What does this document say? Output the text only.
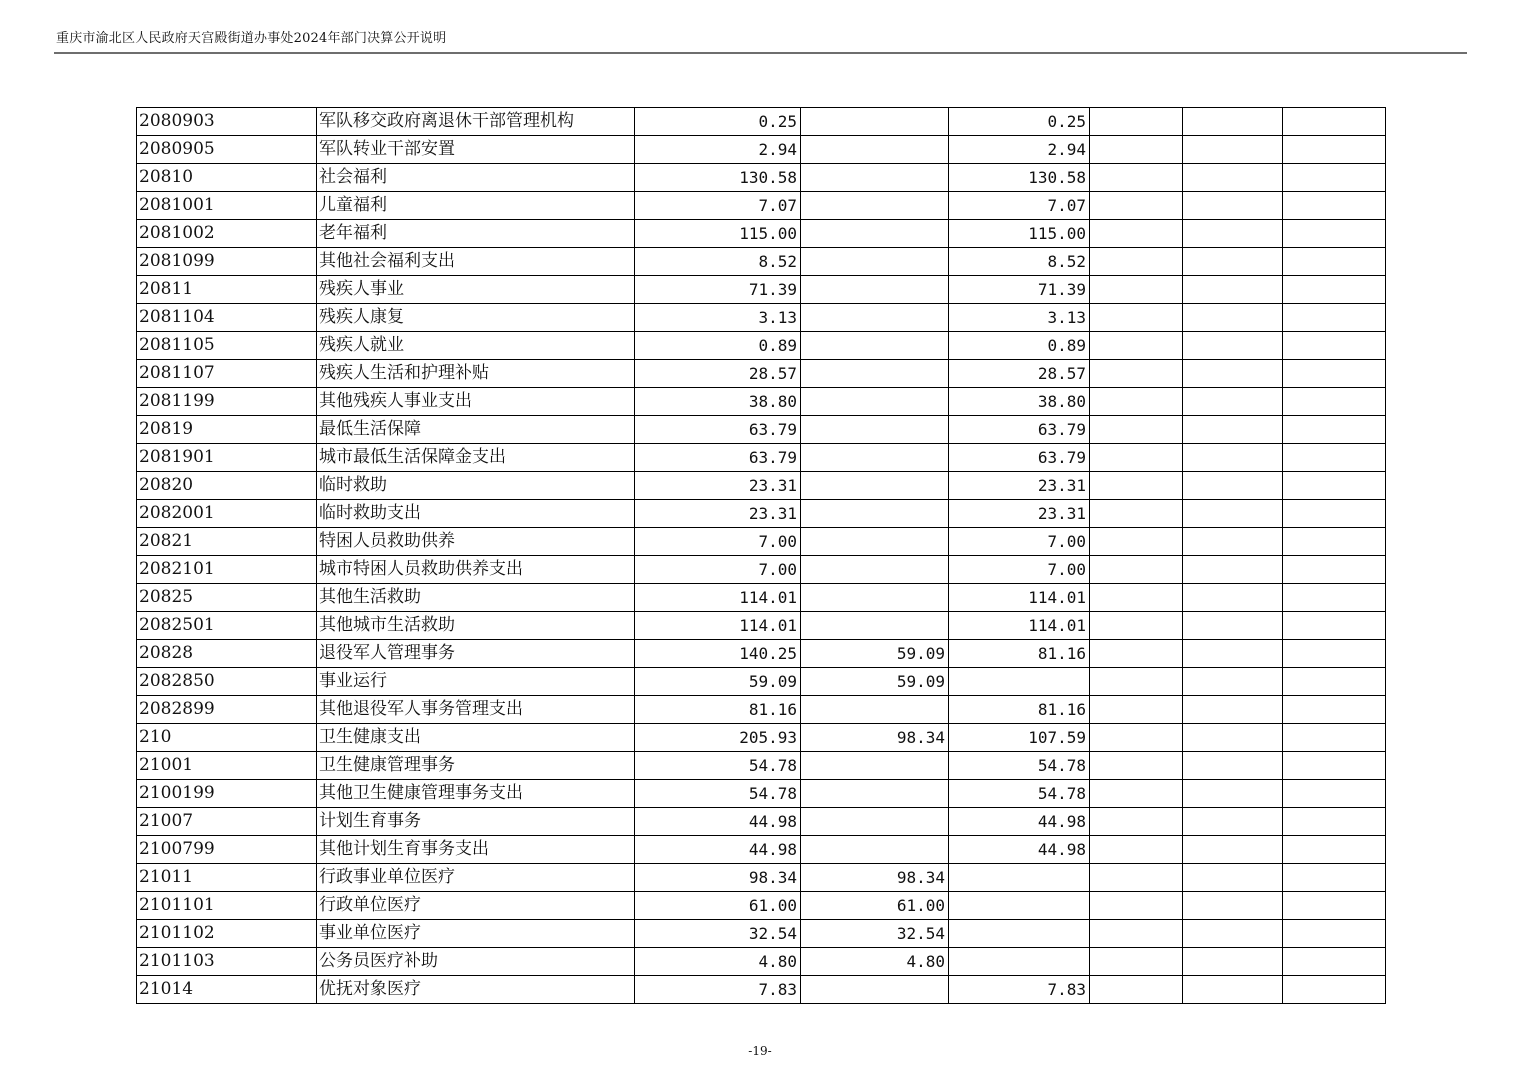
重庆市渝北区人民政府天宫殿街道办事处2024年部门决算公开说明
2080903	军队移交政府离退休干部管理机构	0.25		0.25			
2080905	军队转业干部安置	2.94		2.94			
20810	社会福利	130.58		130.58			
2081001	儿童福利	7.07		7.07			
2081002	老年福利	115.00		115.00			
2081099	其他社会福利支出	8.52		8.52			
20811	残疾人事业	71.39		71.39			
2081104	残疾人康复	3.13		3.13			
2081105	残疾人就业	0.89		0.89			
2081107	残疾人生活和护理补贴	28.57		28.57			
2081199	其他残疾人事业支出	38.80		38.80			
20819	最低生活保障	63.79		63.79			
2081901	城市最低生活保障金支出	63.79		63.79			
20820	临时救助	23.31		23.31			
2082001	临时救助支出	23.31		23.31			
20821	特困人员救助供养	7.00		7.00			
2082101	城市特困人员救助供养支出	7.00		7.00			
20825	其他生活救助	114.01		114.01			
2082501	其他城市生活救助	114.01		114.01			
20828	退役军人管理事务	140.25	59.09	81.16			
2082850	事业运行	59.09	59.09				
2082899	其他退役军人事务管理支出	81.16		81.16			
210	卫生健康支出	205.93	98.34	107.59			
21001	卫生健康管理事务	54.78		54.78			
2100199	其他卫生健康管理事务支出	54.78		54.78			
21007	计划生育事务	44.98		44.98			
2100799	其他计划生育事务支出	44.98		44.98			
21011	行政事业单位医疗	98.34	98.34				
2101101	行政单位医疗	61.00	61.00				
2101102	事业单位医疗	32.54	32.54				
2101103	公务员医疗补助	4.80	4.80				
21014	优抚对象医疗	7.83		7.83			
-19-
